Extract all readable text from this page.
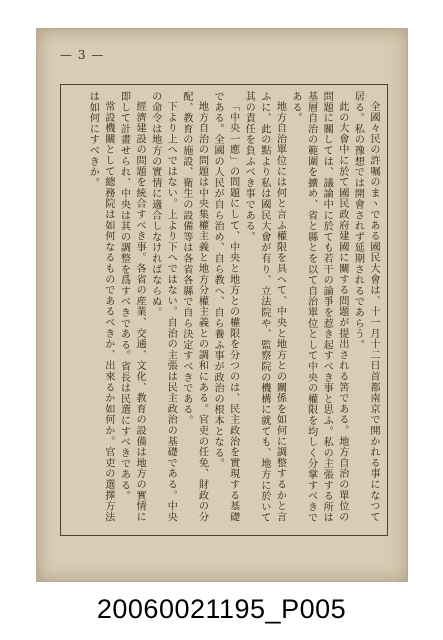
— 3 —

全國々民の許嘱のまヽである國民大會は、十一月十二日首都南京で開かれる事になつて居る。私の豫想では開會されず延期されるであらう。

此の大會中に於て國民政府建國に關する問題が提出される筈である。地方自治の單位の問題に關しては、議論中に於ても若干の論爭を惹き起すべき事と思ふ。私の主張する所は基層自治の範圍を擴め、省と縣とを以て自治單位として中央の權限を均しく分掌すべきである。

地方自治單位には何と言ふ權限を具へて、中央と地方との關係を如何に調整するかと言ふに、此の點より私は國民大會が有り、立法院や、監察院の機構に就ても、地方に於いて其の責任を負ふべき事である。

「中央一應」の問題にして、中央と地方との權限を分つのは、民主政治を實現する基礎である。全國の人民が自ら治め、自ら教へ、自ら養ふ事が政治の根本となる。

地方自治の問題は中央集權主義と地方分權主義との調和にある。官吏の任免、財政の分配、教育の施設、衛生の設備等は各省各縣で自ら決定すべきである。

下より上へではない。上より下へではない。自治の主張は民主政治の基礎である。中央の命令は地方の實情に適合しなければならぬ。

經濟建設の問題を統合すべき事。各省の産業、交通、文化、教育の設備は地方の實情に即して計畫せられ、中央は其の調整を爲すべきである。省長は民選にすべきである。

常設機關として總務院は如何なるものであるべきか、出來るか如何か。官吏の選擇方法は如何にすべきか。

20060021195_P005
